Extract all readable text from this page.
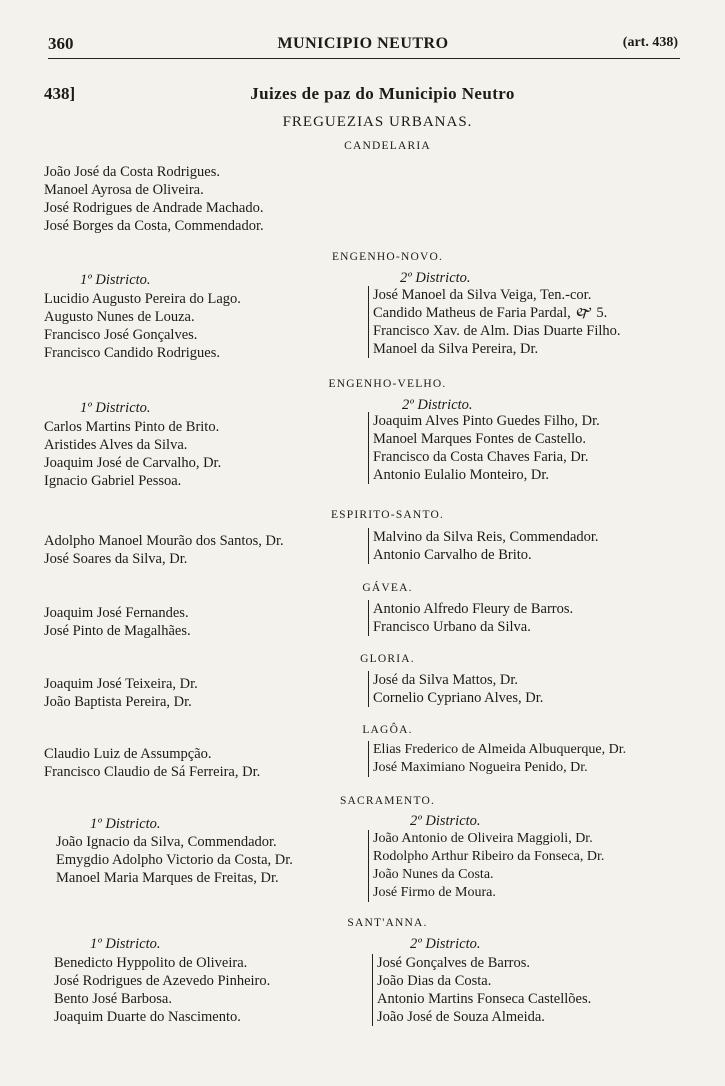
360	MUNICIPIO NEUTRO	(art. 438)
438]	Juizes de paz do Municipio Neutro
FREGUEZIAS URBANAS.
CANDELARIA
João José da Costa Rodrigues.
Manoel Ayrosa de Oliveira.
José Rodrigues de Andrade Machado.
José Borges da Costa, Commendador.
ENGENHO-NOVO.
1º Districto.	2º Districto.
Lucidio Augusto Pereira do Lago.
Augusto Nunes de Louza.
Francisco José Gonçalves.
Francisco Candido Rodrigues.
José Manoel da Silva Veiga, Ten.-cor.
Candido Matheus de Faria Pardal, 🙰 5.
Francisco Xav. de Alm. Dias Duarte Filho.
Manoel da Silva Pereira, Dr.
ENGENHO-VELHO.
1º Districto.	2º Districto.
Carlos Martins Pinto de Brito.
Aristides Alves da Silva.
Joaquim José de Carvalho, Dr.
Ignacio Gabriel Pessoa.
Joaquim Alves Pinto Guedes Filho, Dr.
Manoel Marques Fontes de Castello.
Francisco da Costa Chaves Faria, Dr.
Antonio Eulalio Monteiro, Dr.
ESPIRITO-SANTO.
Adolpho Manoel Mourão dos Santos, Dr.
José Soares da Silva, Dr.
Malvino da Silva Reis, Commendador.
Antonio Carvalho de Brito.
GÁVEA.
Joaquim José Fernandes.
José Pinto de Magalhães.
Antonio Alfredo Fleury de Barros.
Francisco Urbano da Silva.
GLORIA.
Joaquim José Teixeira, Dr.
João Baptista Pereira, Dr.
José da Silva Mattos, Dr.
Cornelio Cypriano Alves, Dr.
LAGÔA.
Claudio Luiz de Assumpção.
Francisco Claudio de Sá Ferreira, Dr.
Elias Frederico de Almeida Albuquerque, Dr.
José Maximiano Nogueira Penido, Dr.
SACRAMENTO.
1º Districto.	2º Districto.
João Ignacio da Silva, Commendador.
Emygdio Adolpho Victorio da Costa, Dr.
Manoel Maria Marques de Freitas, Dr.
João Antonio de Oliveira Maggioli, Dr.
Rodolpho Arthur Ribeiro da Fonseca, Dr.
João Nunes da Costa.
José Firmo de Moura.
SANT'ANNA.
1º Districto.	2º Districto.
Benedicto Hyppolito de Oliveira.
José Rodrigues de Azevedo Pinheiro.
Bento José Barbosa.
Joaquim Duarte do Nascimento.
José Gonçalves de Barros.
João Dias da Costa.
Antonio Martins Fonseca Castellões.
João José de Souza Almeida.
